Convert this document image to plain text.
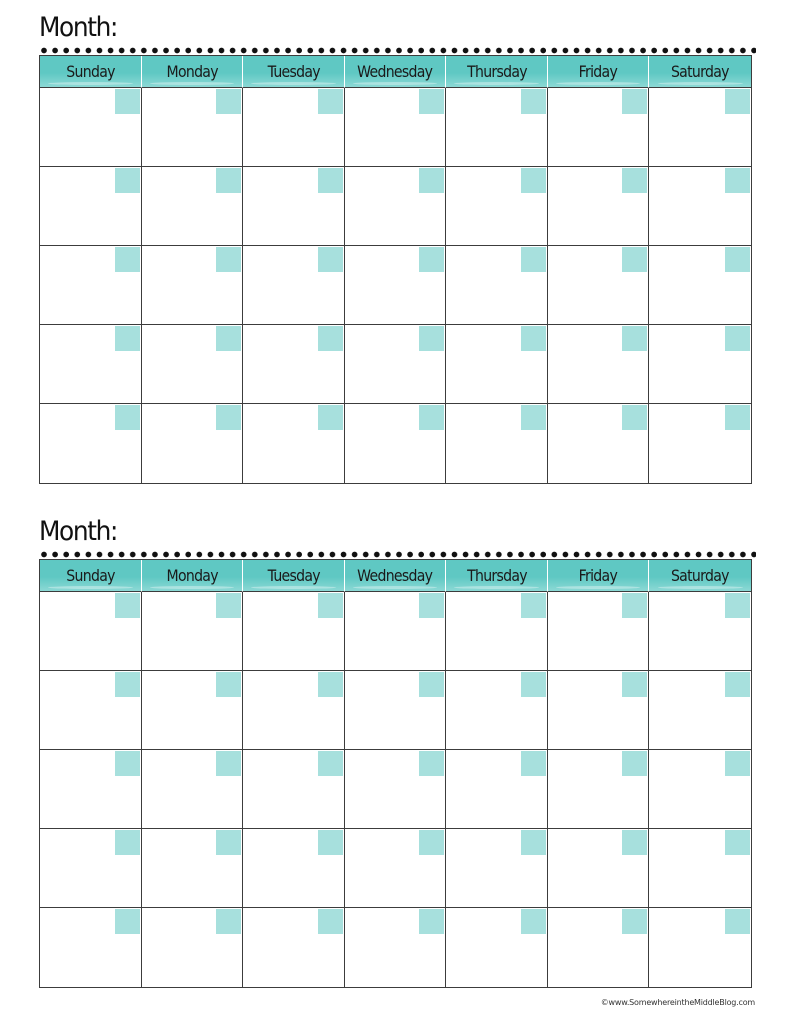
Month:
Sunday	Monday	Tuesday Wednesday Thursday	Friday	Saturday
Month:
Sunday	Monday	Tuesday Wednesday Thursday	Friday	Saturday
©www.SomewhereintheMiddleBlog.com
